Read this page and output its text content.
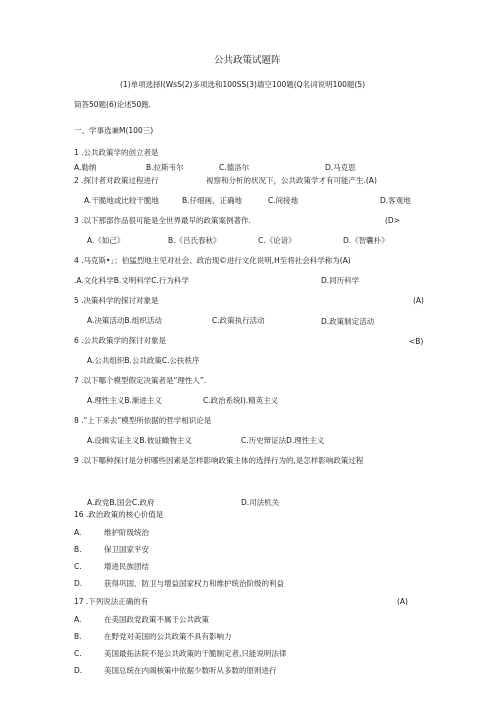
公共政策试题阵
(1)单项选择I(WsS(2)多项选和100SS(3)墙空100题(Q名词说明100题(5)
筒答50题(6)论述50跑.
一、学事选兼M(100三)
1 .公共政策学的创立者是
A.勒纳	B.拉斯韦尔	C.德洛尔	D.马克思
2 .探讨者对政策过程进行	视察和分析的状况下，公共政策学才有可能产生.(A)
A.干脆地或比较干脆地	B.仔细画、正确地	C.间接地	D.客观地
3 .以下那部作品很可能是全世界最早的政策案例著作.	(D>
A.《如己》	B.《吕氏春秋》	C.《论谙》	D.《智囊朴》
4 .马克斯•」；伯猛烈地主见对社会、政治现©进行文化说明,H至将社会科学称为(A)
.A.文化科学B.文明科学C.行为科学	D.同历科学
5 .决策科学的探讨对象是	(A)
A.决策活动B.组织活动	C.政策执行活动	D.政策制定活动
6 .公共政策学的探讨对象是	<B)
A.公共组织B.公共政策C.公扶秩序
7 .以下哪个模型假定决策者是“理性人”.
A.理性主义B.渐进主义	C.政治系统I).精英主义
8 .“上下来去”模型所依据的哲学相识论是
A.设辑实证主义B.彼证瞰物主义	C.历史辩证法D.理性主义
9 .以下哪种探讨是分析哪些因素是怎样影响政策主体的选择行为的,是怎样影响政策过程
A.政党B.国会C.政府	D.司法机关
16 .政治政策的核心价值是
A.	维护阶级统治
B.	保卫国家平安
C.	增进民族团结
D.	获得巩固、防卫与增益国家权力和维护统治阶级的利益
17 .下列说法正确的有	(A)
A.	在美国政党政策不属于公共政策
B.	在野党对美国的公共政策不具有影响力
C.	美国最拓法院不是公共政策的干脆制定者,只能说明法律
D.	美国总统在内阁核策中依据少数听从多数的原则进行
